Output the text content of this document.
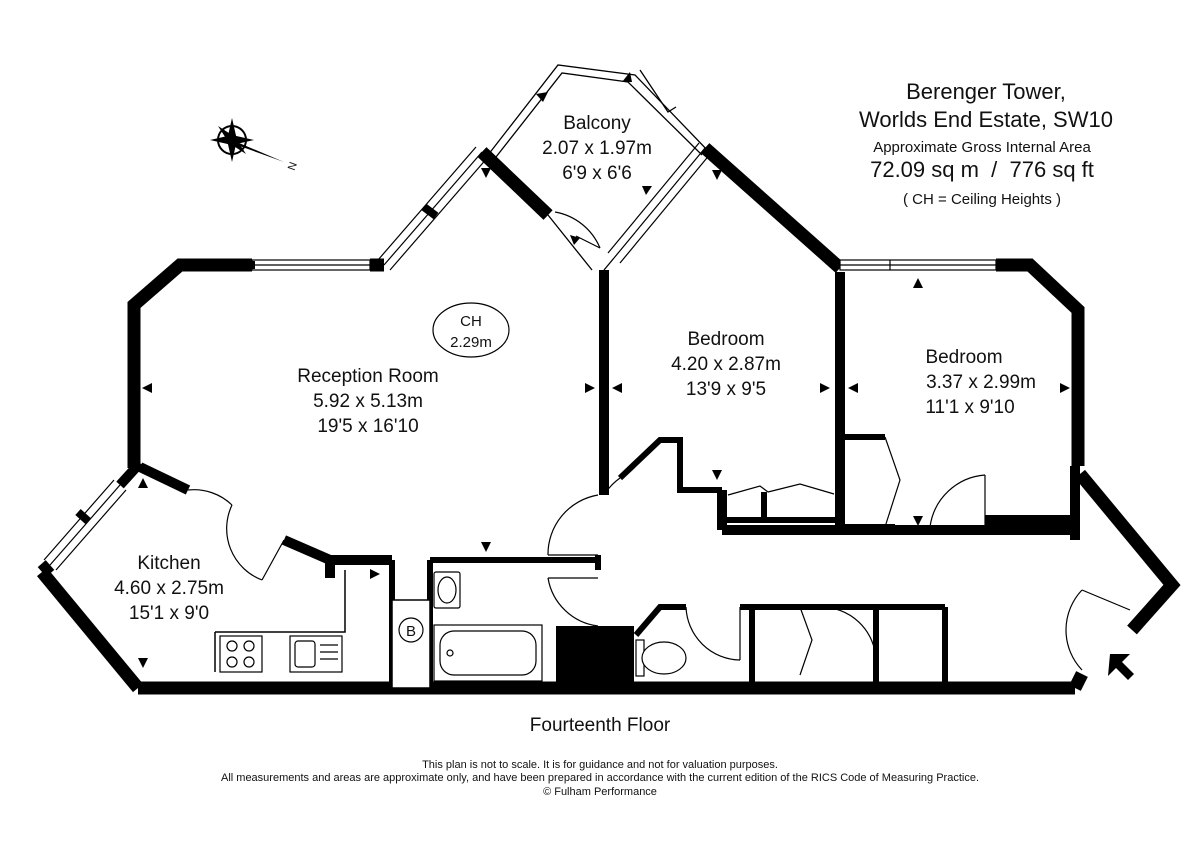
N
CH
2.29m
B
Balcony
2.07 x 1.97m
6'9 x 6'6
Reception Room
5.92 x 5.13m
19'5 x 16'10
Bedroom
4.20 x 2.87m
13'9 x 9'5
Bedroom
3.37 x 2.99m
11'1 x 9'10
Kitchen
4.60 x 2.75m
15'1 x 9'0
Berenger Tower,
Worlds End Estate, SW10
Approximate Gross Internal Area
72.09 sq m  /  776 sq ft
( CH = Ceiling Heights )
Fourteenth Floor
This plan is not to scale. It is for guidance and not for valuation purposes.
All measurements and areas are approximate only, and have been prepared in accordance with the current edition of the RICS Code of Measuring Practice.
© Fulham Performance
